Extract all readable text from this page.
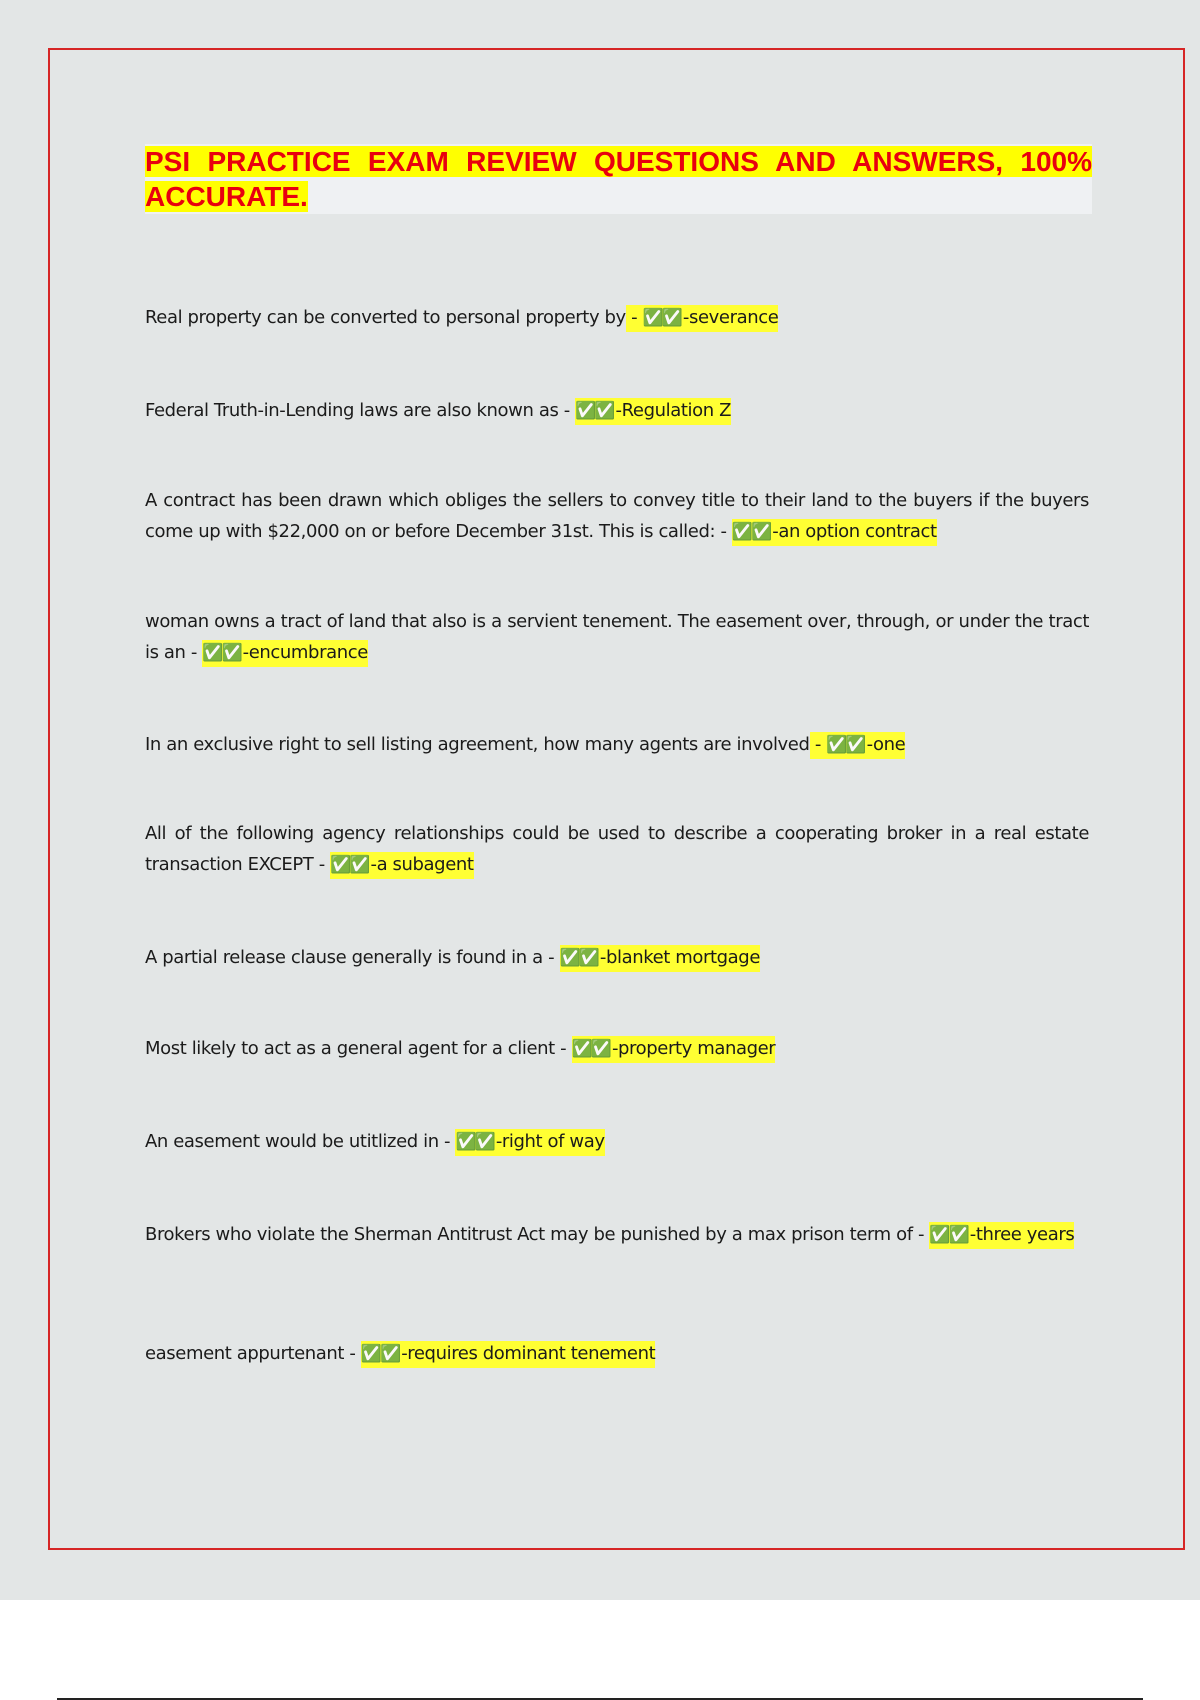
PSI PRACTICE EXAM REVIEW QUESTIONS AND ANSWERS, 100% ACCURATE.

Real property can be converted to personal property by - ✅✅ -severance

Federal Truth-in-Lending laws are also known as - ✅✅ -Regulation Z

A contract has been drawn which obliges the sellers to convey title to their land to the buyers if the buyers come up with $22,000 on or before December 31st. This is called: - ✅✅ -an option contract

woman owns a tract of land that also is a servient tenement. The easement over, through, or under the tract is an - ✅✅ -encumbrance

In an exclusive right to sell listing agreement, how many agents are involved - ✅✅ -one

All of the following agency relationships could be used to describe a cooperating broker in a real estate transaction EXCEPT - ✅✅ -a subagent

A partial release clause generally is found in a - ✅✅ -blanket mortgage

Most likely to act as a general agent for a client - ✅✅ -property manager

An easement would be utitlized in - ✅✅ -right of way

Brokers who violate the Sherman Antitrust Act may be punished by a max prison term of - ✅✅ -three years

easement appurtenant - ✅✅ -requires dominant tenement
